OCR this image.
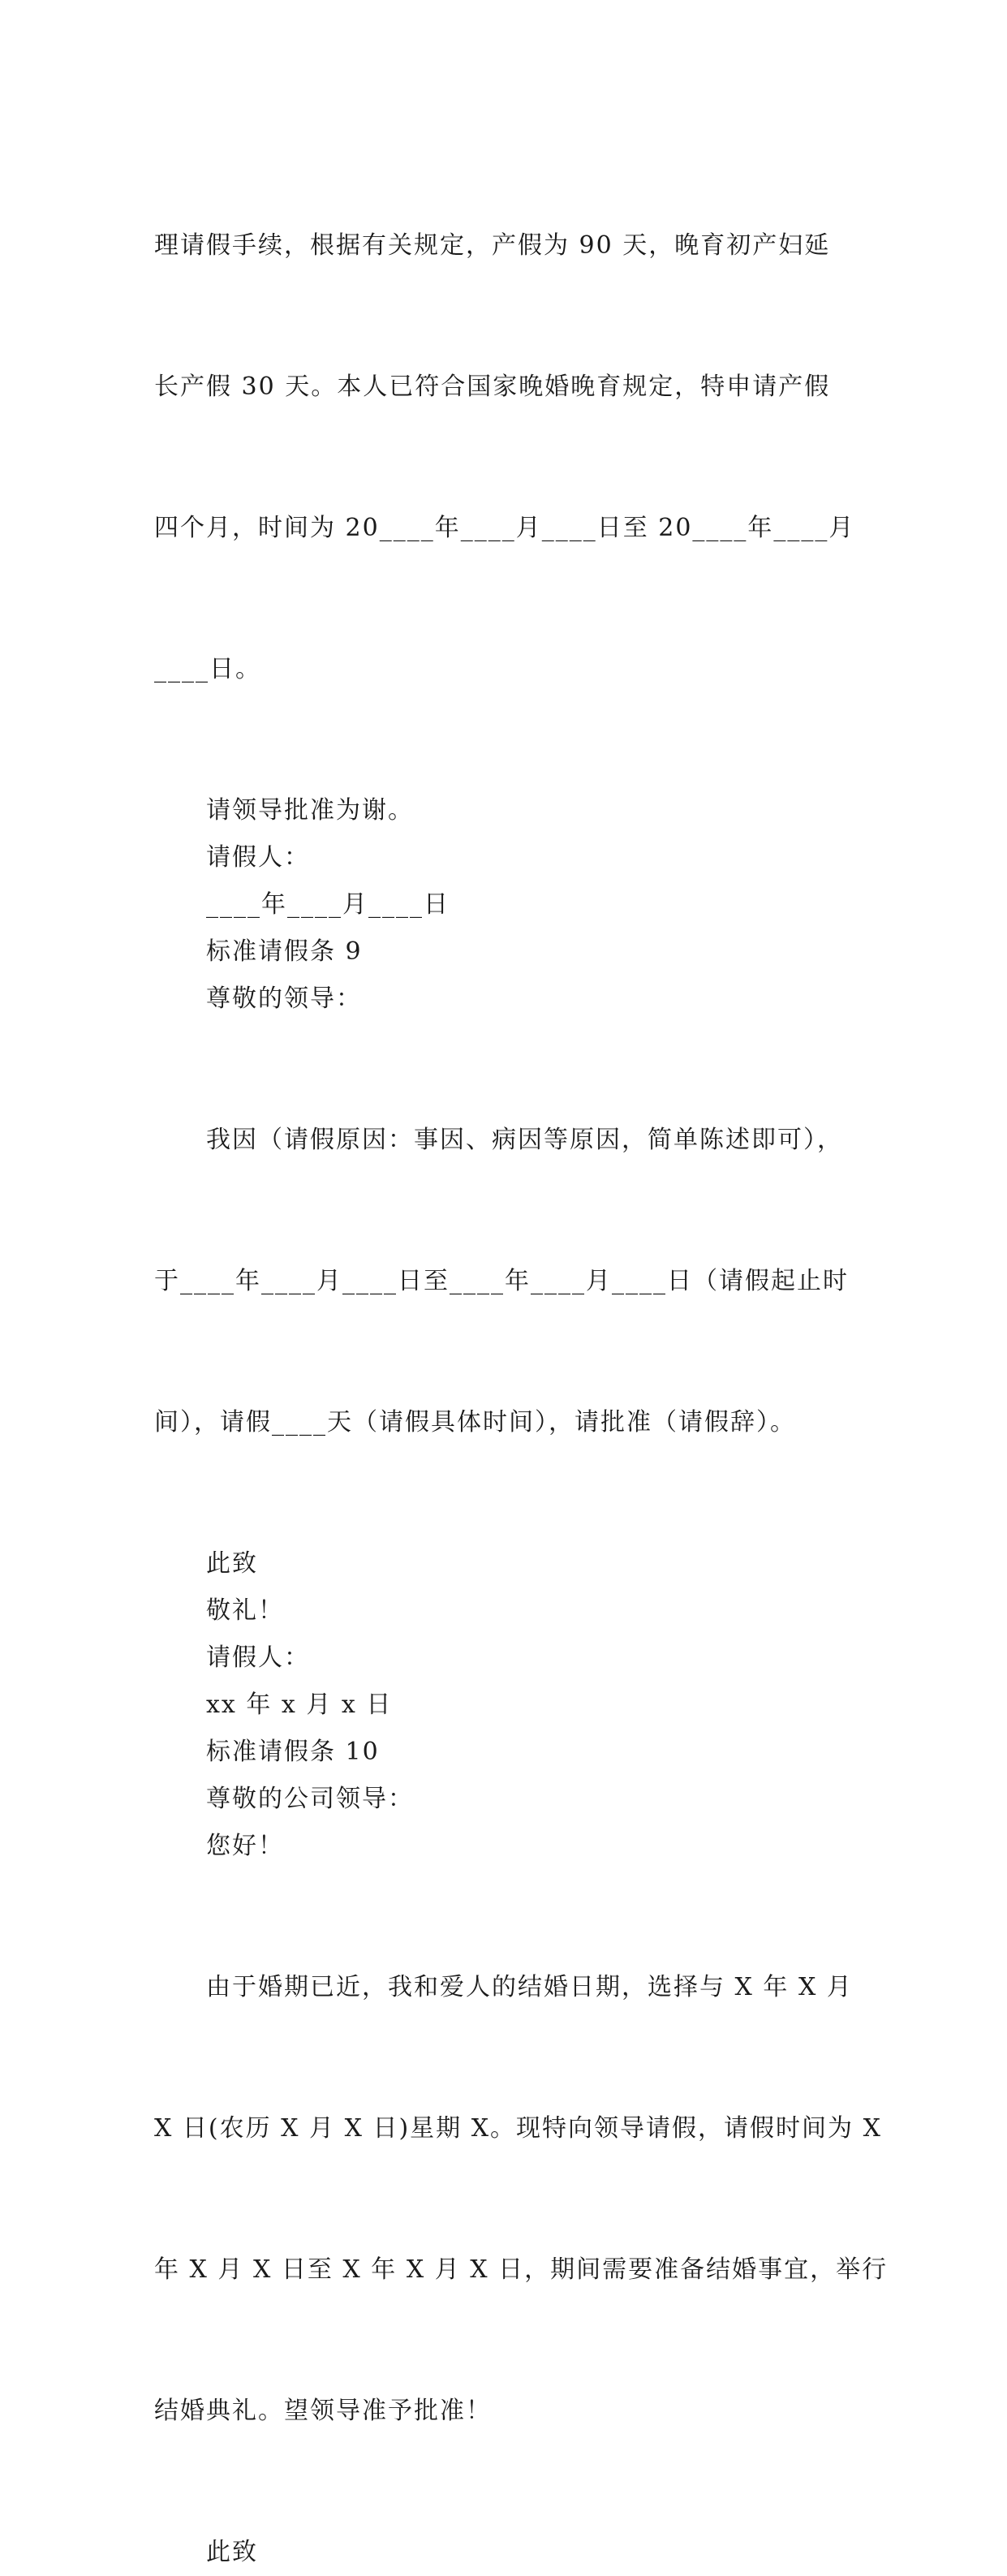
理请假手续，根据有关规定，产假为 90 天，晚育初产妇延

长产假 30 天。本人已符合国家晚婚晚育规定，特申请产假

四个月，时间为 20____年____月____日至 20____年____月

____日。

请领导批准为谢。

请假人：

____年____月____日

标准请假条 9

尊敬的领导：

我因（请假原因：事因、病因等原因，简单陈述即可），

于____年____月____日至____年____月____日（请假起止时

间），请假____天（请假具体时间），请批准（请假辞）。

此致

敬礼！

请假人：

xx 年 x 月 x 日

标准请假条 10

尊敬的公司领导：

您好！

由于婚期已近，我和爱人的结婚日期，选择与 X 年 X 月

X 日(农历 X 月 X 日)星期 X。现特向领导请假，请假时间为 X

年 X 月 X 日至 X 年 X 月 X 日，期间需要准备结婚事宜，举行

结婚典礼。望领导准予批准！

此致
